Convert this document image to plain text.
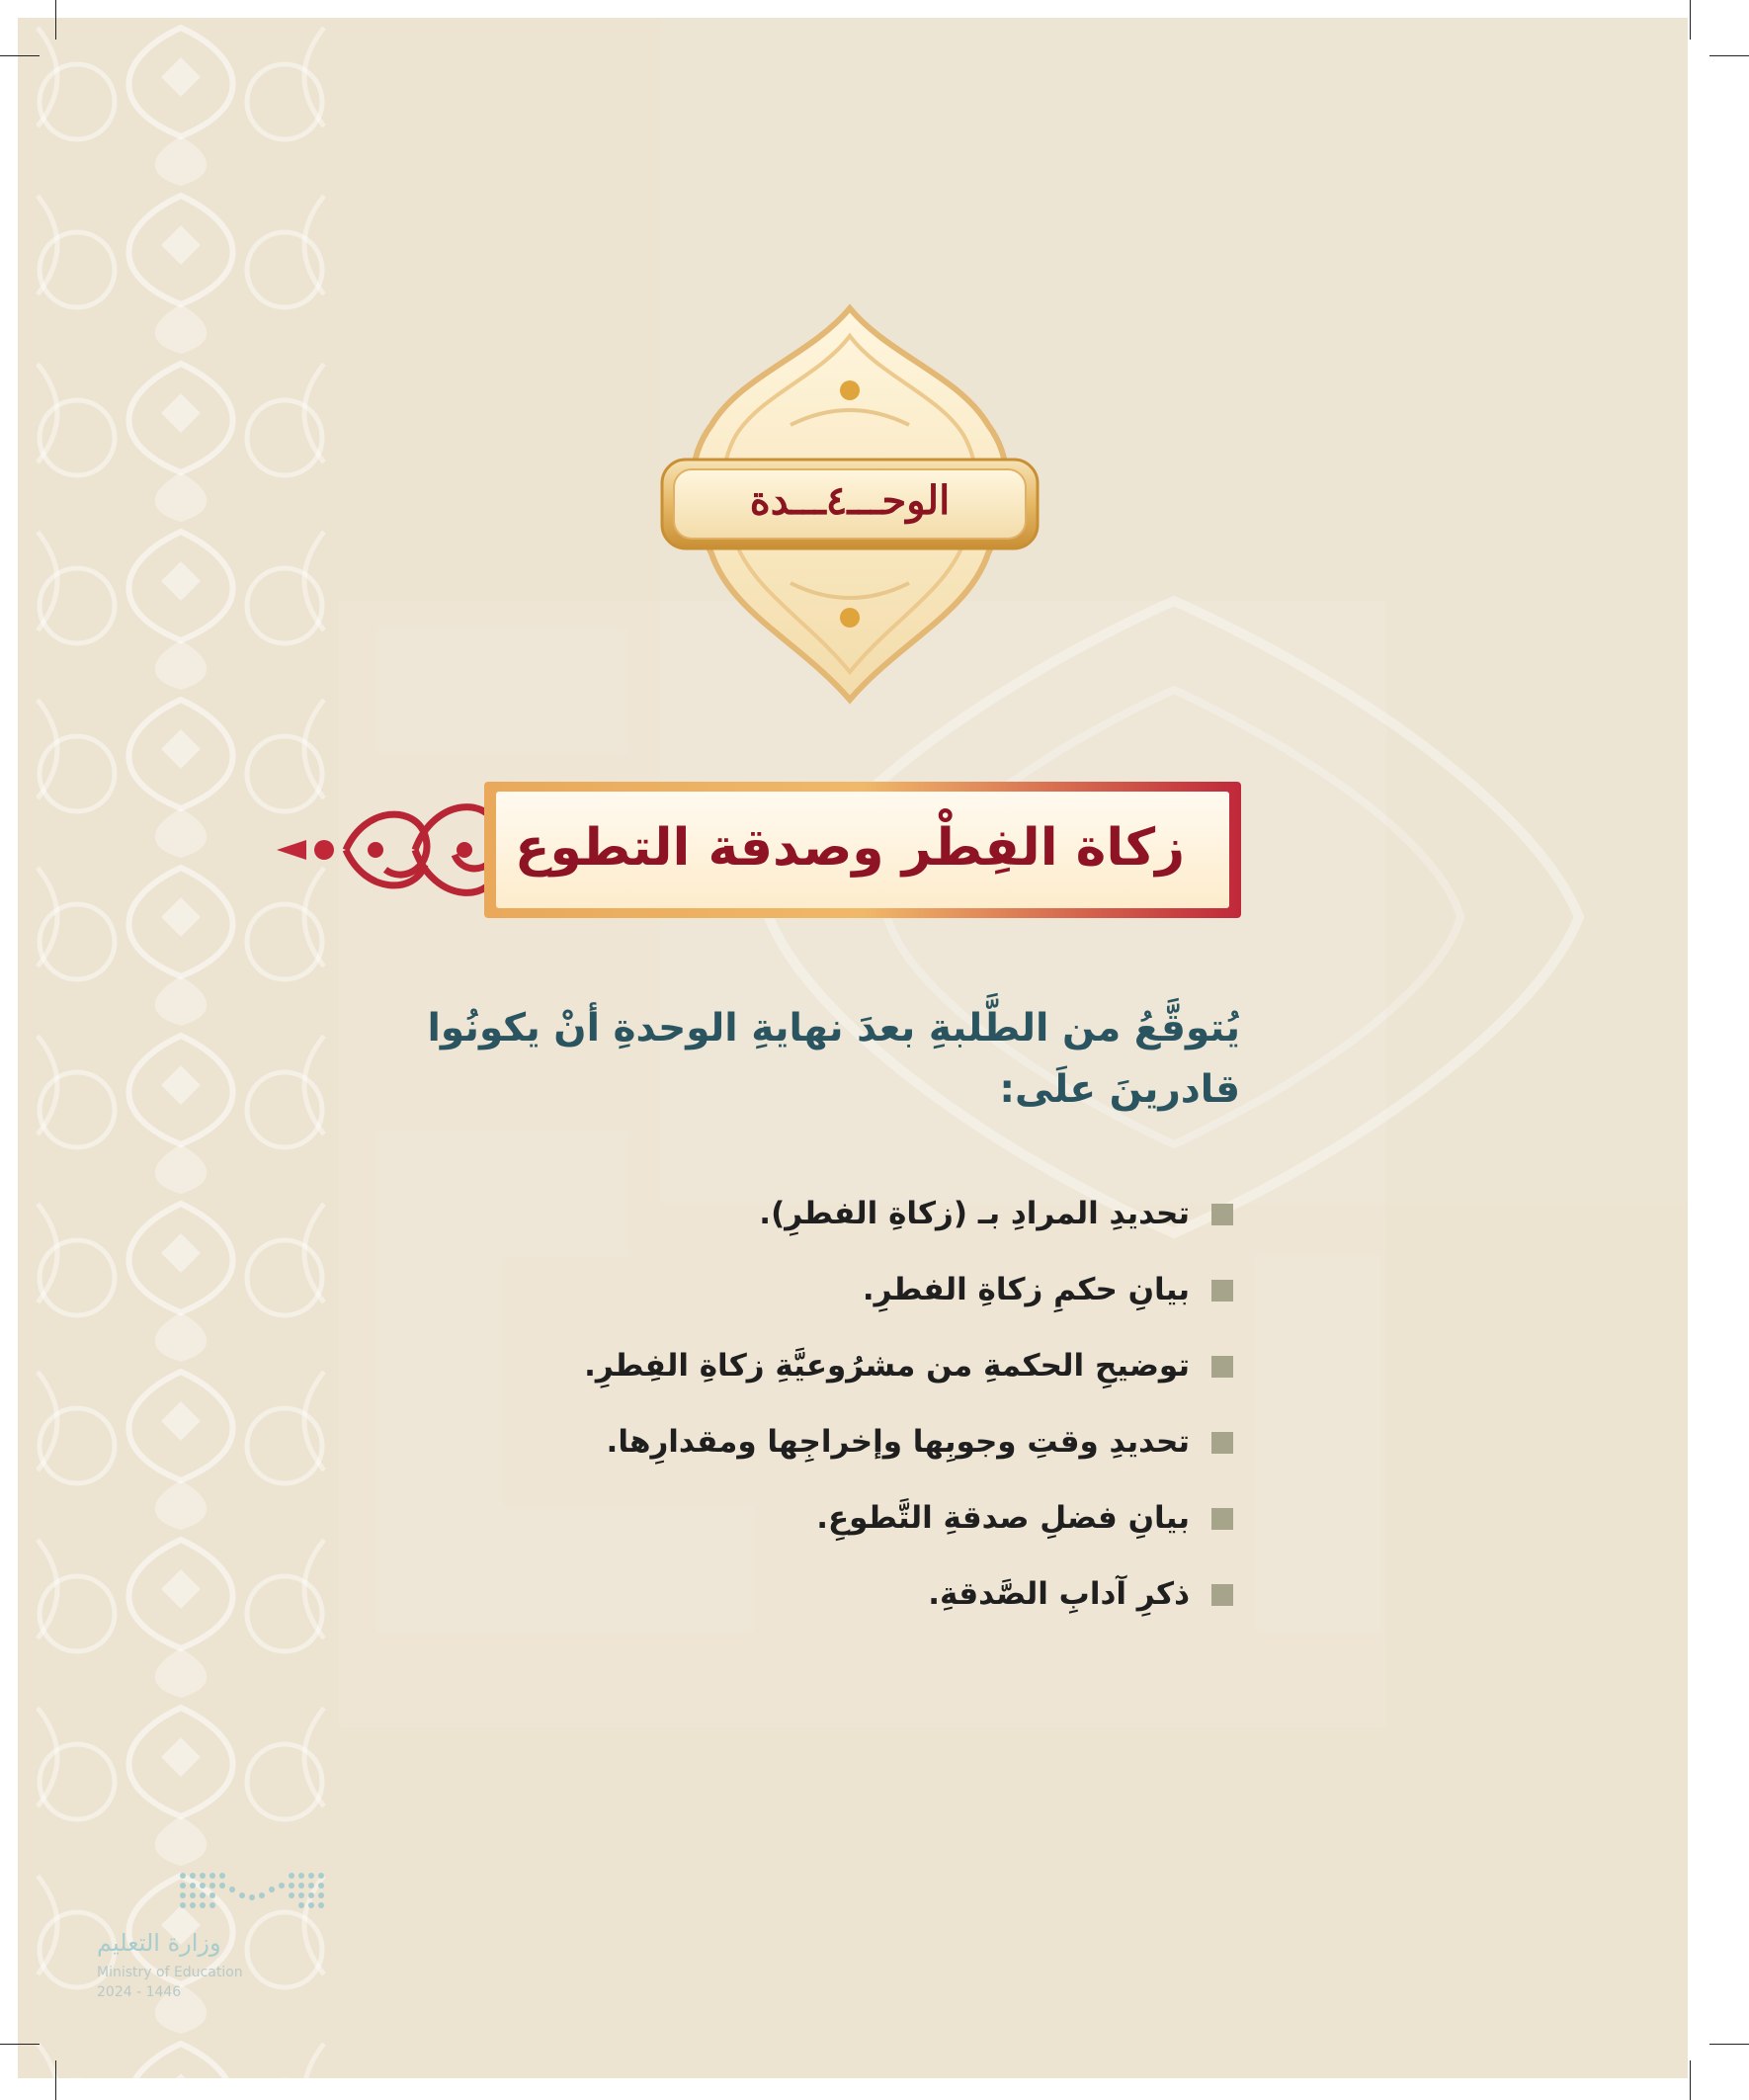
الوحـــ٤ـــدة
زكاة الفِطْر وصدقة التطوع
يُتوقَّعُ من الطَّلبةِ بعدَ نهايةِ الوحدةِ أنْ يكونُوا
قادرينَ علَى:
تحديدِ المرادِ بـ (زكاةِ الفطرِ).
بيانِ حكمِ زكاةِ الفطرِ.
توضيحِ الحكمةِ من مشرُوعيَّةِ زكاةِ الفِطرِ.
تحديدِ وقتِ وجوبِها وإخراجِها ومقدارِها.
بيانِ فضلِ صدقةِ التَّطوعِ.
ذكرِ آدابِ الصَّدقةِ.
وزارة التعليم
Ministry of Education
2024 - 1446
